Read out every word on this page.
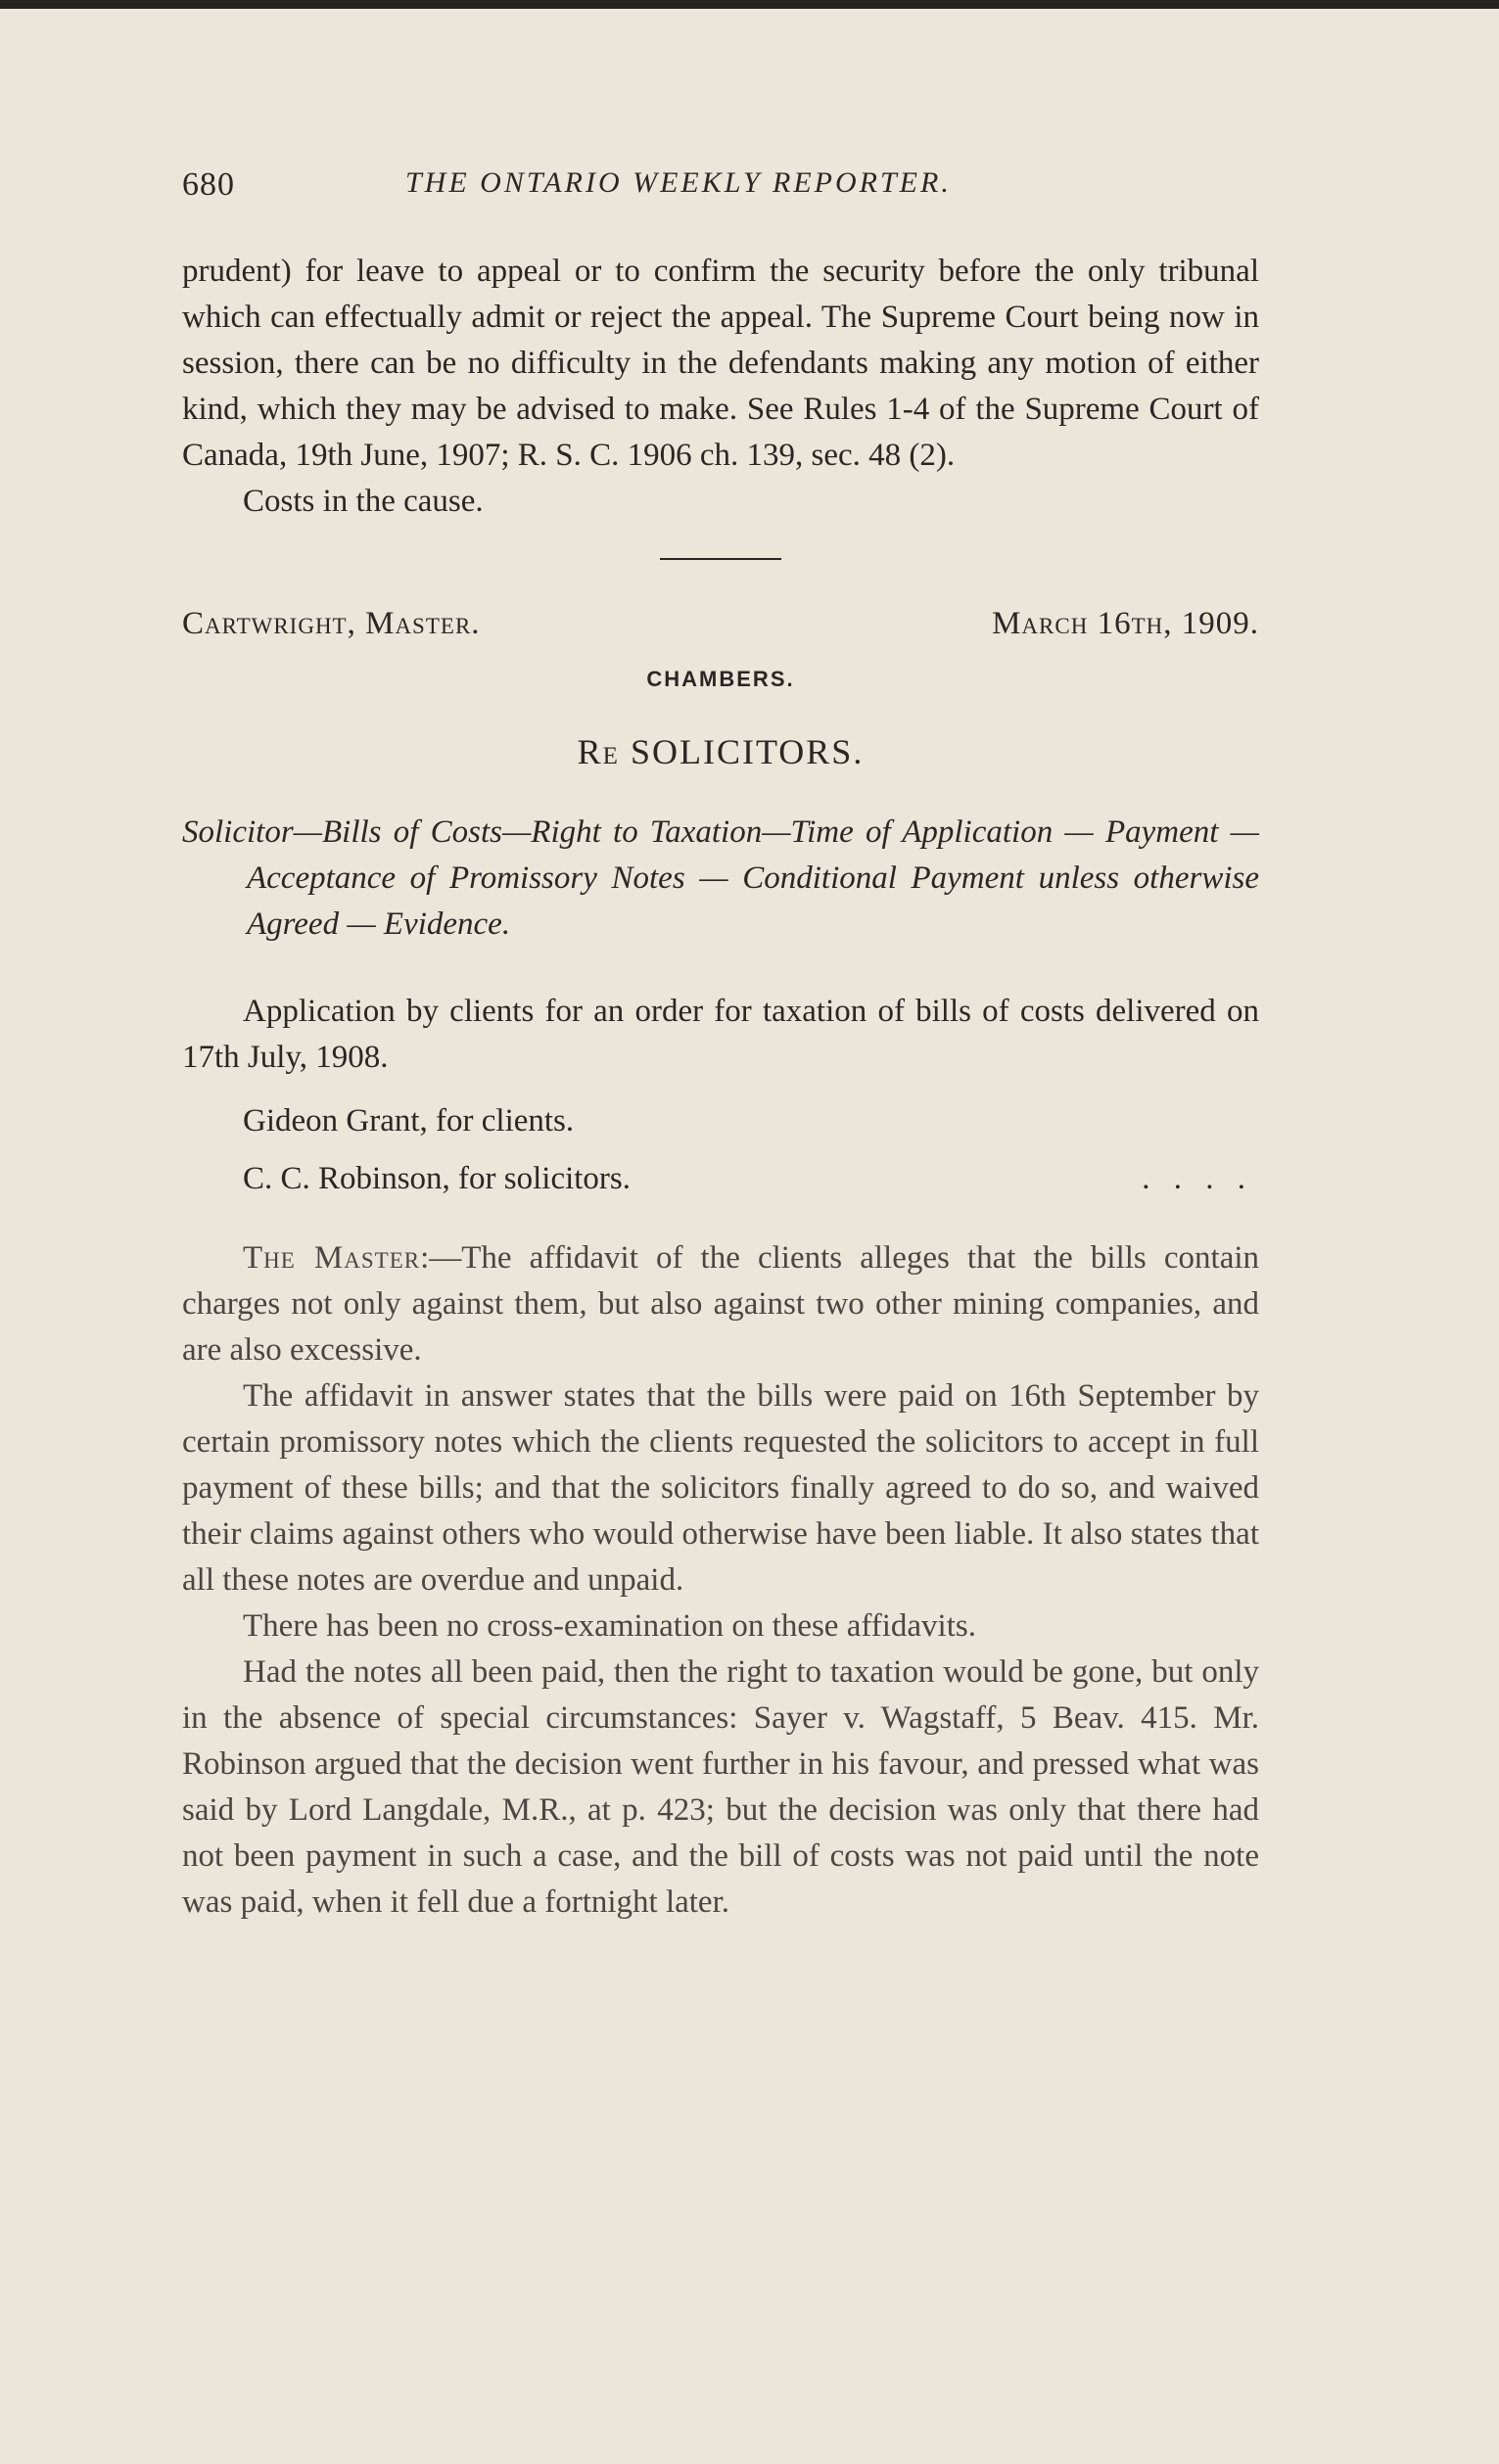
680	THE ONTARIO WEEKLY REPORTER.

prudent) for leave to appeal or to confirm the security before the only tribunal which can effectually admit or reject the appeal. The Supreme Court being now in session, there can be no difficulty in the defendants making any motion of either kind, which they may be advised to make. See Rules 1-4 of the Supreme Court of Canada, 19th June, 1907; R. S. C. 1906 ch. 139, sec. 48 (2).

Costs in the cause.

Cartwright, Master.	March 16th, 1909.
CHAMBERS.
Re SOLICITORS.
Solicitor—Bills of Costs—Right to Taxation—Time of Application — Payment — Acceptance of Promissory Notes — Conditional Payment unless otherwise Agreed — Evidence.

Application by clients for an order for taxation of bills of costs delivered on 17th July, 1908.

Gideon Grant, for clients.
C. C. Robinson, for solicitors.	. . . .

The Master:—The affidavit of the clients alleges that the bills contain charges not only against them, but also against two other mining companies, and are also excessive.

The affidavit in answer states that the bills were paid on 16th September by certain promissory notes which the clients requested the solicitors to accept in full payment of these bills; and that the solicitors finally agreed to do so, and waived their claims against others who would otherwise have been liable. It also states that all these notes are overdue and unpaid.

There has been no cross-examination on these affidavits.

Had the notes all been paid, then the right to taxation would be gone, but only in the absence of special circumstances: Sayer v. Wagstaff, 5 Beav. 415. Mr. Robinson argued that the decision went further in his favour, and pressed what was said by Lord Langdale, M.R., at p. 423; but the decision was only that there had not been payment in such a case, and the bill of costs was not paid until the note was paid, when it fell due a fortnight later.
